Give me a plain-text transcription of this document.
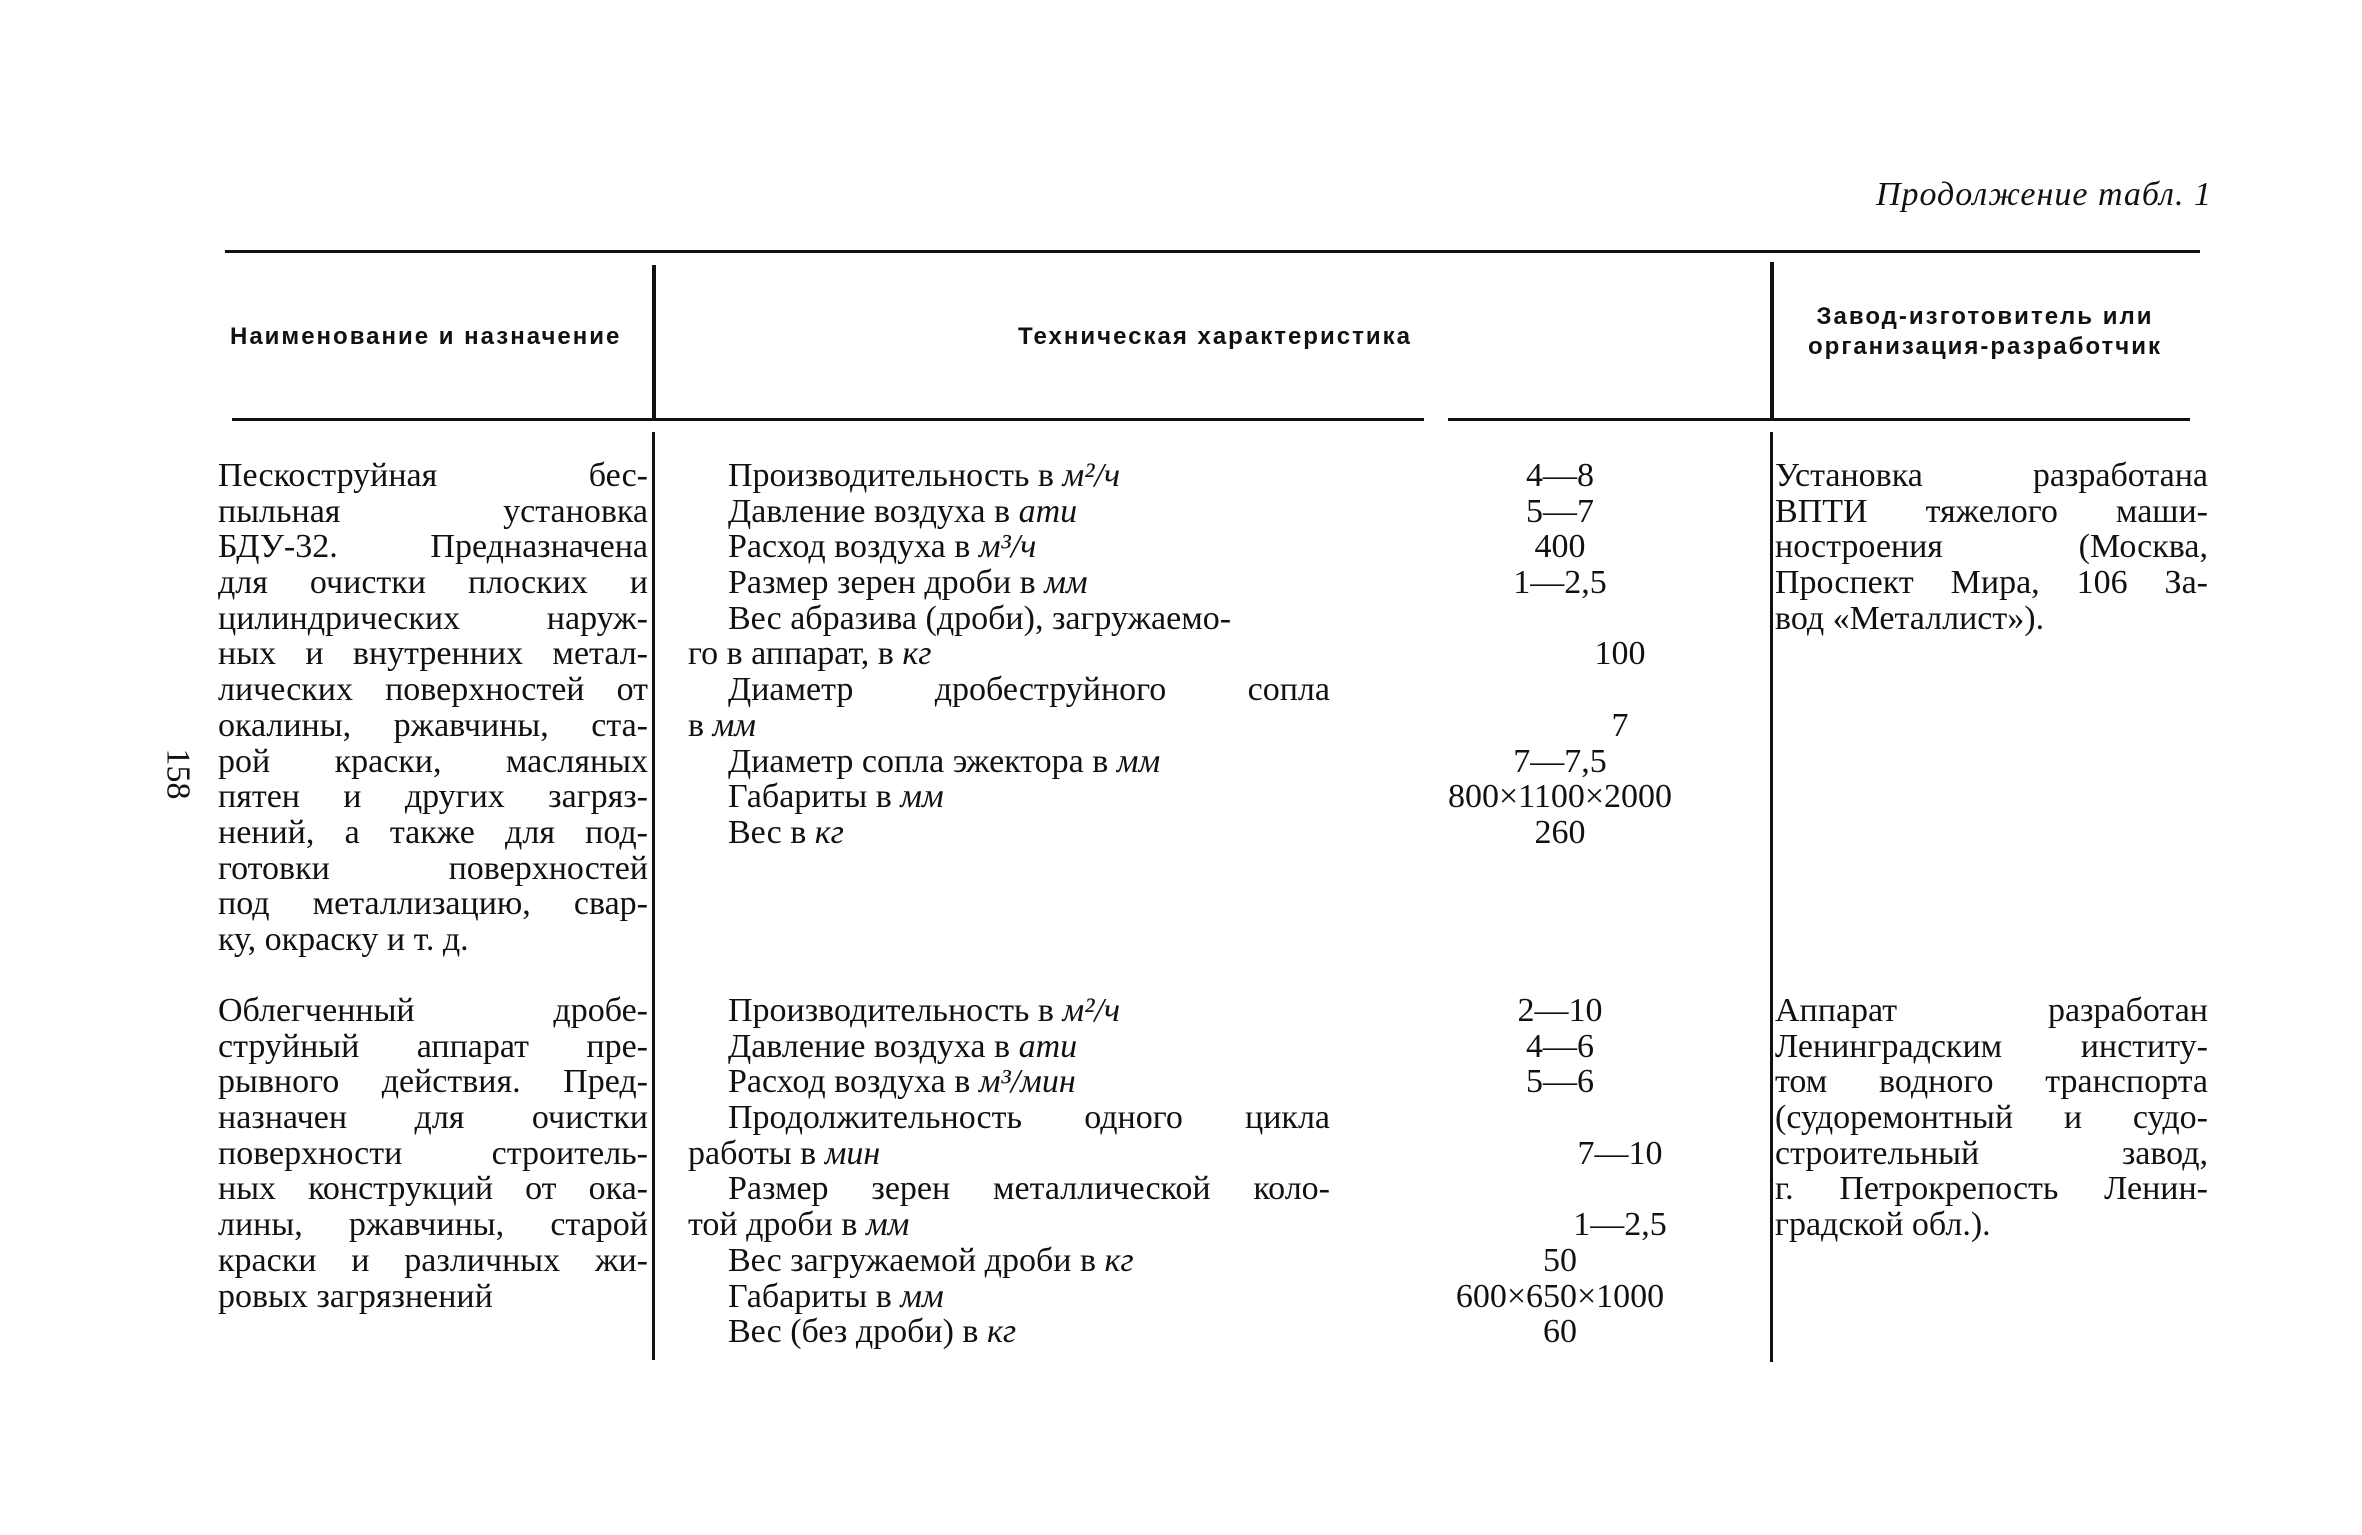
Продолжение табл. 1
158
Наименование и назначение	Техническая характеристика
Завод-изготовитель или
организация-разработчик
Пескоструйная бес-
пыльная установка
БДУ-32. Предназначена
для очистки плоских и
цилиндрических наруж-
ных и внутренних метал-
лических поверхностей от
окалины, ржавчины, ста-
рой краски, масляных
пятен и других загряз-
нений, а также для под-
готовки поверхностей
под металлизацию, свар-
ку, окраску и т. д.
Производительность в м²/ч
Давление воздуха в ати
Расход воздуха в м³/ч
Размер зерен дроби в мм
Вес абразива (дроби), загружаемо-
го в аппарат, в кг
Диаметр дробеструйного сопла
в мм
Диаметр сопла эжектора в мм
Габариты в мм
Вес в кг
4—8
5—7
400
1—2,5
100
7
7—7,5
800×1100×2000
260
Установка разработана
ВПТИ тяжелого маши-
ностроения (Москва,
Проспект Мира, 106 За-
вод «Металлист»).
Облегченный дробе-
струйный аппарат пре-
рывного действия. Пред-
назначен для очистки
поверхности строитель-
ных конструкций от ока-
лины, ржавчины, старой
краски и различных жи-
ровых загрязнений
Производительность в м²/ч
Давление воздуха в ати
Расход воздуха в м³/мин
Продолжительность одного цикла
работы в мин
Размер зерен металлической коло-
той дроби в мм
Вес загружаемой дроби в кг
Габариты в мм
Вес (без дроби) в кг
2—10
4—6
5—6
7—10
1—2,5
50
600×650×1000
60
Аппарат разработан
Ленинградским институ-
том водного транспорта
(судоремонтный и судо-
строительный завод,
г. Петрокрепость Ленин-
градской обл.).
